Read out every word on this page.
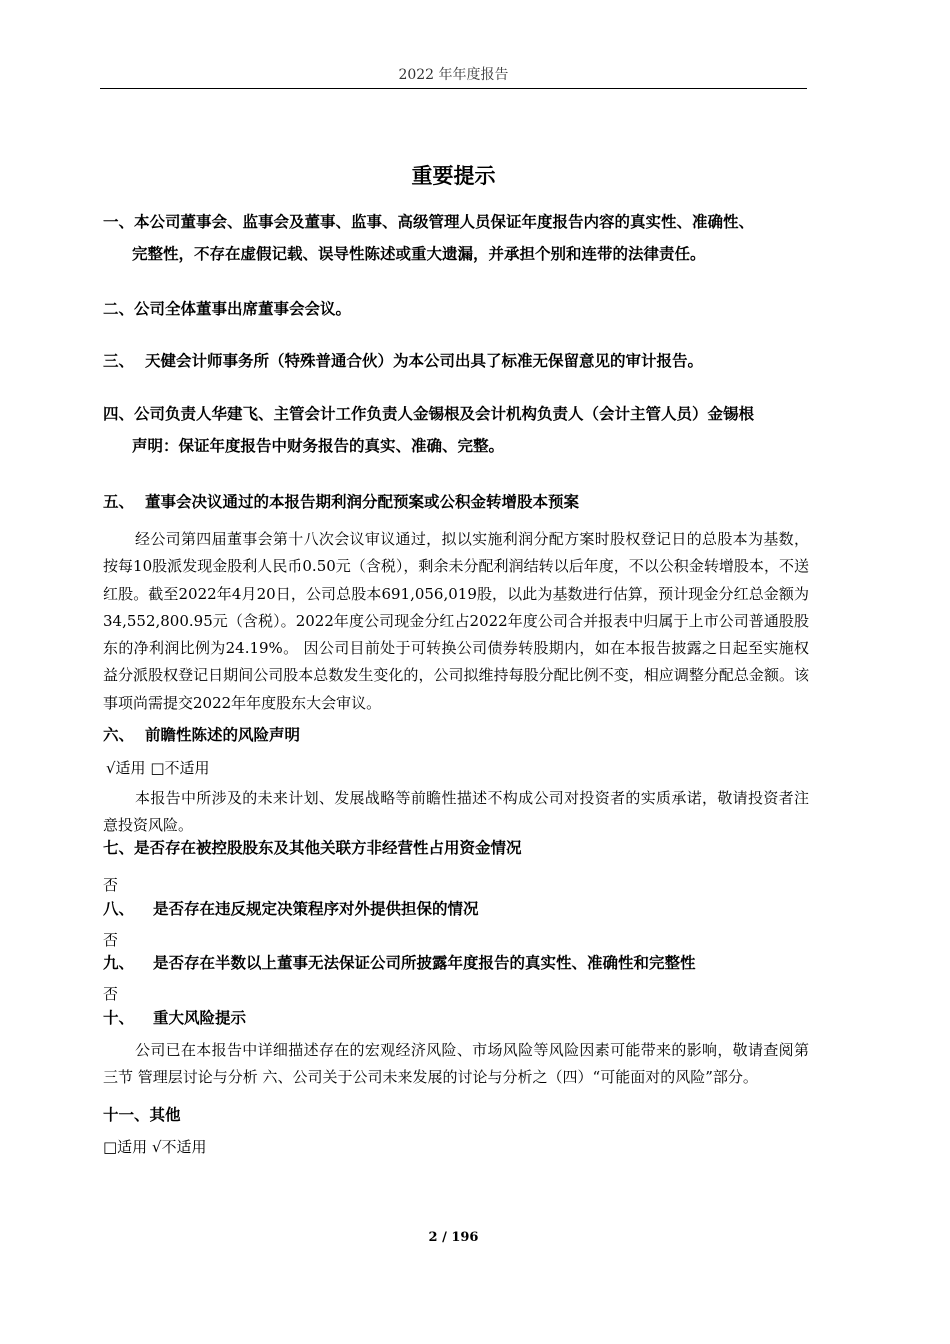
2022 年年度报告
重要提示
一、本公司董事会、监事会及董事、监事、高级管理人员保证年度报告内容的真实性、准确性、
完整性，不存在虚假记载、误导性陈述或重大遗漏，并承担个别和连带的法律责任。
二、公司全体董事出席董事会会议。
三、 天健会计师事务所（特殊普通合伙）为本公司出具了标准无保留意见的审计报告。
四、公司负责人华建飞、主管会计工作负责人金锡根及会计机构负责人（会计主管人员）金锡根
声明：保证年度报告中财务报告的真实、准确、完整。
五、 董事会决议通过的本报告期利润分配预案或公积金转增股本预案
经公司第四届董事会第十八次会议审议通过，拟以实施利润分配方案时股权登记日的总股本为基数，按每10股派发现金股利人民币0.50元（含税），剩余未分配利润结转以后年度，不以公积金转增股本，不送红股。截至2022年4月20日，公司总股本691,056,019股，以此为基数进行估算，预计现金分红总金额为34,552,800.95元（含税）。2022年度公司现金分红占2022年度公司合并报表中归属于上市公司普通股股东的净利润比例为24.19%。 因公司目前处于可转换公司债券转股期内，如在本报告披露之日起至实施权益分派股权登记日期间公司股本总数发生变化的，公司拟维持每股分配比例不变，相应调整分配总金额。该事项尚需提交2022年年度股东大会审议。
六、 前瞻性陈述的风险声明
√适用 □不适用
本报告中所涉及的未来计划、发展战略等前瞻性描述不构成公司对投资者的实质承诺，敬请投资者注意投资风险。
七、是否存在被控股股东及其他关联方非经营性占用资金情况
否
八、 是否存在违反规定决策程序对外提供担保的情况
否
九、 是否存在半数以上董事无法保证公司所披露年度报告的真实性、准确性和完整性
否
十、 重大风险提示
公司已在本报告中详细描述存在的宏观经济风险、市场风险等风险因素可能带来的影响，敬请查阅第三节 管理层讨论与分析 六、公司关于公司未来发展的讨论与分析之（四）“可能面对的风险”部分。
十一、其他
□适用 √不适用
2 / 196
